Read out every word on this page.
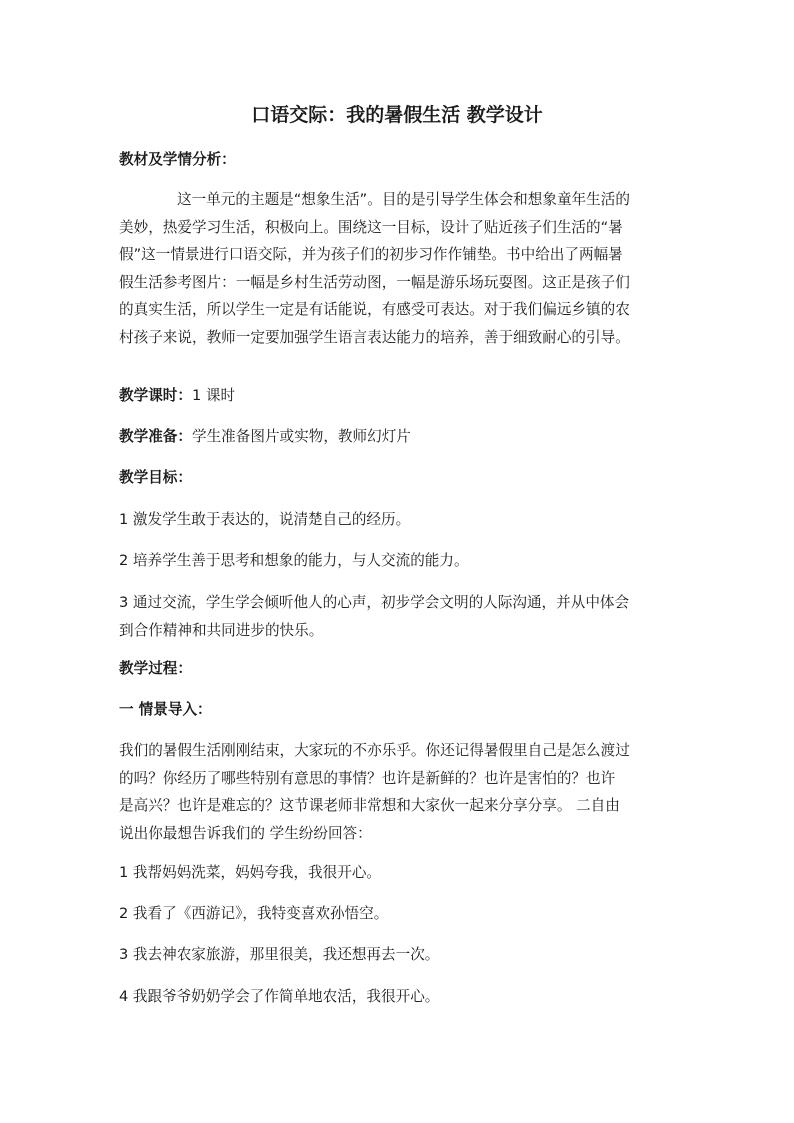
口语交际：我的暑假生活 教学设计
教材及学情分析：
这一单元的主题是“想象生活”。目的是引导学生体会和想象童年生活的
美妙，热爱学习生活，积极向上。围绕这一目标，设计了贴近孩子们生活的“暑
假”这一情景进行口语交际，并为孩子们的初步习作作铺垫。书中给出了两幅暑
假生活参考图片：一幅是乡村生活劳动图，一幅是游乐场玩耍图。这正是孩子们
的真实生活，所以学生一定是有话能说，有感受可表达。对于我们偏远乡镇的农
村孩子来说，教师一定要加强学生语言表达能力的培养，善于细致耐心的引导。
教学课时：1 课时
教学准备：学生准备图片或实物，教师幻灯片
教学目标：
1 激发学生敢于表达的，说清楚自己的经历。
2 培养学生善于思考和想象的能力，与人交流的能力。
3 通过交流，学生学会倾听他人的心声，初步学会文明的人际沟通，并从中体会
到合作精神和共同进步的快乐。
教学过程：
一 情景导入：
我们的暑假生活刚刚结束，大家玩的不亦乐乎。你还记得暑假里自己是怎么渡过
的吗？你经历了哪些特别有意思的事情？也许是新鲜的？也许是害怕的？也许
是高兴？也许是难忘的？这节课老师非常想和大家伙一起来分享分享。 二自由
说出你最想告诉我们的 学生纷纷回答：
1 我帮妈妈洗菜，妈妈夸我，我很开心。
2 我看了《西游记》，我特变喜欢孙悟空。
3 我去神农家旅游，那里很美，我还想再去一次。
4 我跟爷爷奶奶学会了作简单地农活，我很开心。
